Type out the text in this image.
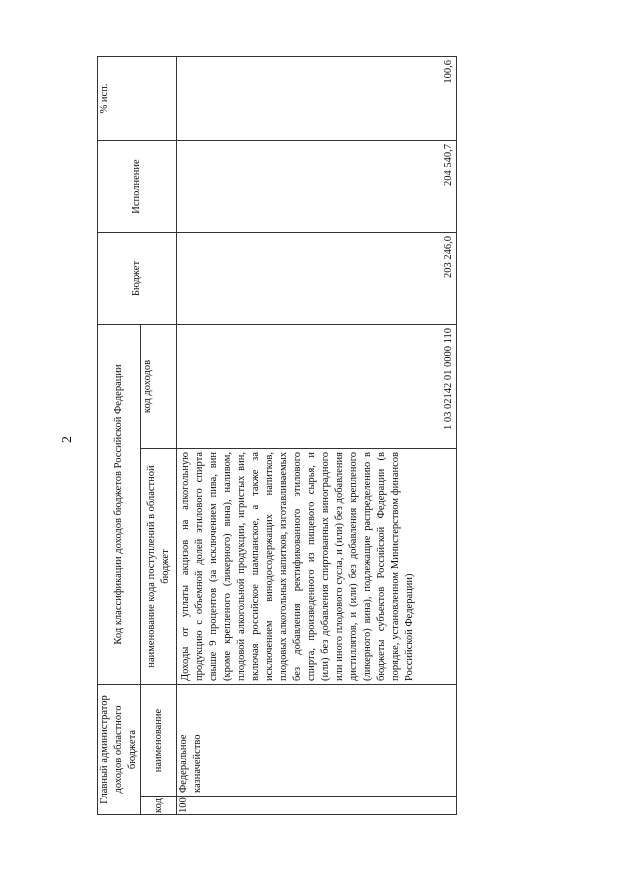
2
Главный администратор доходов областного бюджета		Код классификации доходов бюджетов Российской Федерации		Бюджет	Исполнение	% исп.
код	наименование	наименование кода поступлений в областной бюджет	код доходов			
100	Федеральное казначейство	Доходы от уплаты акцизов на алкогольную продукцию с объемной долей этилового спирта свыше 9 процентов (за исключением пива, вин (кроме крепленого (ликерного) вина), наливом, плодовой алкогольной продукции, игристых вин, включая российское шампанское, а также за исключением винодосодержащих напитков, плодовых алкогольных напитков, изготавливаемых без добавления ректификованного этилового спирта, произведенного из пищевого сырья, и (или) без добавления спиртованных виноградного или иного плодового сусла, и (или) без добавления дистиллятов, и (или) без добавления крепленого (ликерного) вина), подлежащие распределению в бюджеты субъектов Российской Федерации (в порядке, установленном Министерством финансов Российской Федерации)	1 03 02142 01 0000 110	203 246,0	204 540,7	100,6
